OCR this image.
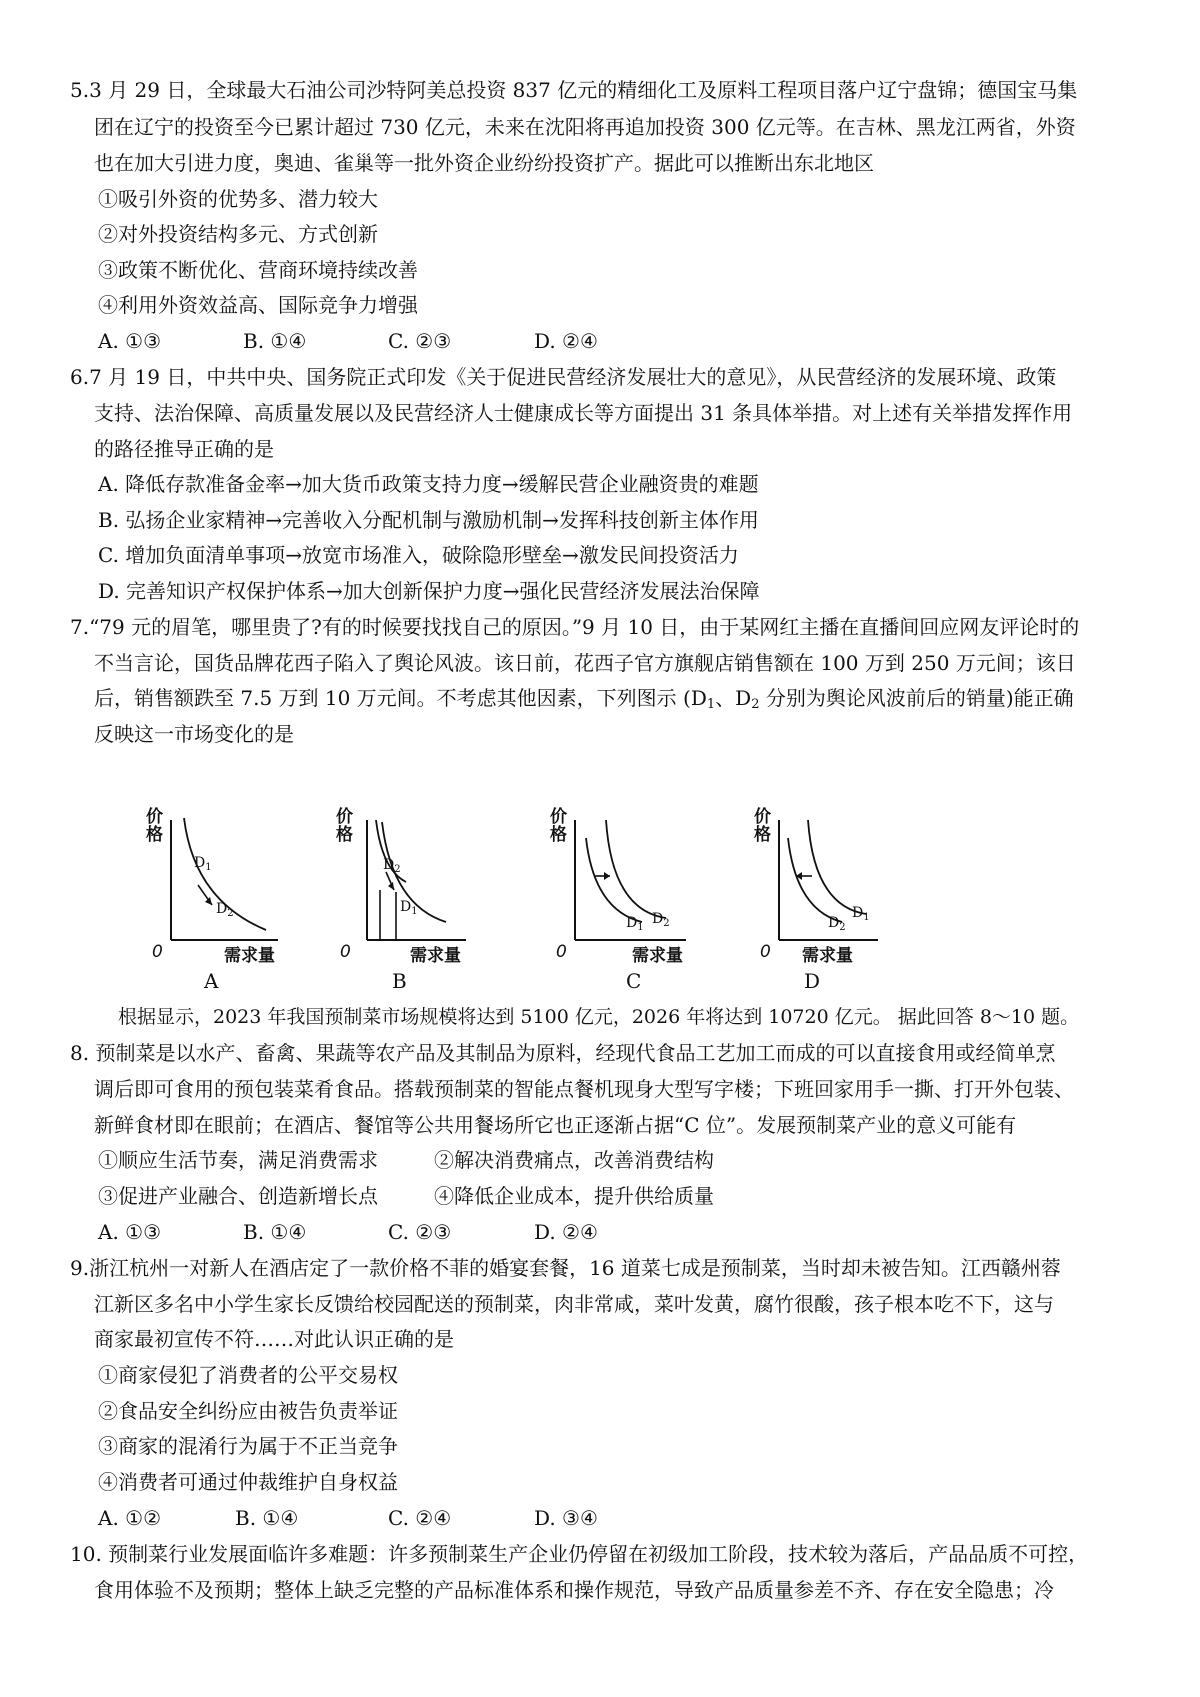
5.3 月 29 日，全球最大石油公司沙特阿美总投资 837 亿元的精细化工及原料工程项目落户辽宁盘锦；德国宝马集
团在辽宁的投资至今已累计超过 730 亿元，未来在沈阳将再追加投资 300 亿元等。在吉林、黑龙江两省，外资
也在加大引进力度，奥迪、雀巢等一批外资企业纷纷投资扩产。据此可以推断出东北地区
①吸引外资的优势多、潜力较大
②对外投资结构多元、方式创新
③政策不断优化、营商环境持续改善
④利用外资效益高、国际竞争力增强
A. ①③	B. ①④	C. ②③	D. ②④
6.7 月 19 日，中共中央、国务院正式印发《关于促进民营经济发展壮大的意见》，从民营经济的发展环境、政策
支持、法治保障、高质量发展以及民营经济人士健康成长等方面提出 31 条具体举措。对上述有关举措发挥作用
的路径推导正确的是
A. 降低存款准备金率→加大货币政策支持力度→缓解民营企业融资贵的难题
B. 弘扬企业家精神→完善收入分配机制与激励机制→发挥科技创新主体作用
C. 增加负面清单事项→放宽市场准入，破除隐形壁垒→激发民间投资活力
D. 完善知识产权保护体系→加大创新保护力度→强化民营经济发展法治保障
7.“79 元的眉笔，哪里贵了?有的时候要找找自己的原因。”9 月 10 日，由于某网红主播在直播间回应网友评论时的
不当言论，国货品牌花西子陷入了舆论风波。该日前，花西子官方旗舰店销售额在 100 万到 250 万元间；该日
后，销售额跌至 7.5 万到 10 万元间。不考虑其他因素，下列图示 ($D_1$、$D_2$ 分别为舆论风波前后的销量)能正确
反映这一市场变化的是
价格
$D_1$
$D_2$
0	需求量
A
价格
$D_2$
$D_1$
0	需求量
B
价格
$D_1$
$D_2$
0	需求量
C
价格
$D_2$
$D_1$
0 需求量
D
根据显示，2023 年我国预制菜市场规模将达到 5100 亿元，2026 年将达到 10720 亿元。 据此回答 8～10 题。
8. 预制菜是以水产、畜禽、果蔬等农产品及其制品为原料，经现代食品工艺加工而成的可以直接食用或经简单烹
调后即可食用的预包装菜肴食品。搭载预制菜的智能点餐机现身大型写字楼；下班回家用手一撕、打开外包装、
新鲜食材即在眼前；在酒店、餐馆等公共用餐场所它也正逐渐占据“C 位”。发展预制菜产业的意义可能有
①顺应生活节奏，满足消费需求	②解决消费痛点，改善消费结构
③促进产业融合、创造新增长点	④降低企业成本，提升供给质量
A. ①③	B. ①④	C. ②③	D. ②④
9.浙江杭州一对新人在酒店定了一款价格不菲的婚宴套餐，16 道菜七成是预制菜，当时却未被告知。江西赣州蓉
江新区多名中小学生家长反馈给校园配送的预制菜，肉非常咸，菜叶发黄，腐竹很酸，孩子根本吃不下，这与
商家最初宣传不符……对此认识正确的是
①商家侵犯了消费者的公平交易权
②食品安全纠纷应由被告负责举证
③商家的混淆行为属于不正当竞争
④消费者可通过仲裁维护自身权益
A. ①②	B. ①④	C. ②④	D. ③④
10. 预制菜行业发展面临许多难题：许多预制菜生产企业仍停留在初级加工阶段，技术较为落后，产品品质不可控，
食用体验不及预期；整体上缺乏完整的产品标准体系和操作规范，导致产品质量参差不齐、存在安全隐患；冷
